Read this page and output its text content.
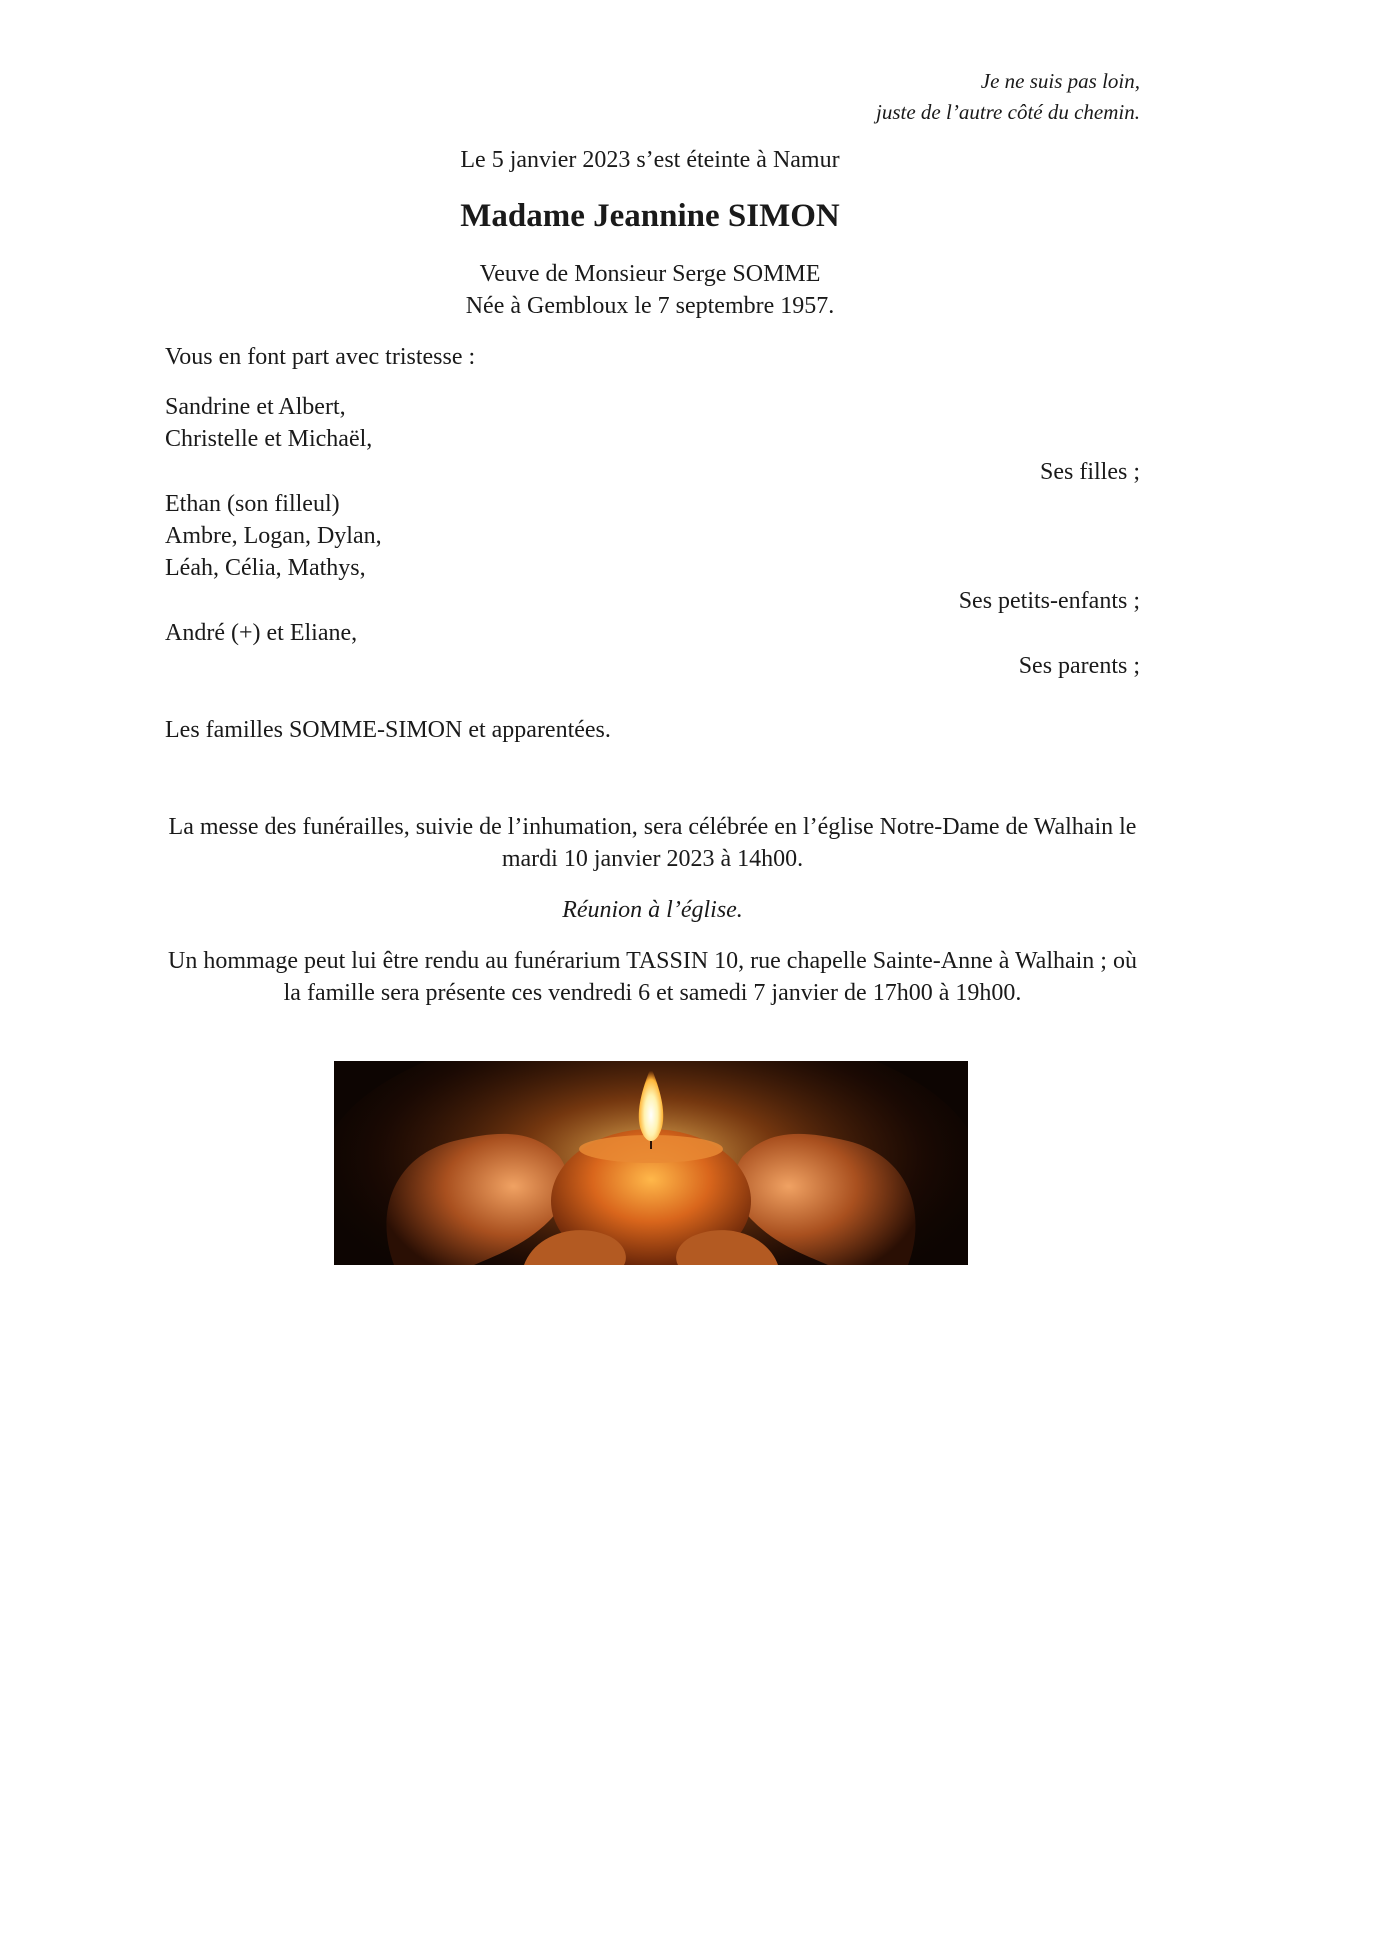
Je ne suis pas loin,
juste de l’autre côté du chemin.
Le 5 janvier 2023 s’est éteinte à Namur
Madame Jeannine SIMON
Veuve de Monsieur Serge SOMME
Née à Gembloux le 7 septembre 1957.
Vous en font part avec tristesse :
Sandrine et Albert,
Christelle et Michaël,
Ses filles ;
Ethan (son filleul)
Ambre, Logan, Dylan,
Léah, Célia, Mathys,
Ses petits-enfants ;
André (+) et Eliane,
Ses parents ;
Les familles SOMME-SIMON et apparentées.
La messe des funérailles, suivie de l’inhumation, sera célébrée en l’église Notre-Dame de Walhain le mardi 10 janvier 2023 à 14h00.
Réunion à l’église.
Un hommage peut lui être rendu au funérarium TASSIN 10, rue chapelle Sainte-Anne à Walhain ; où la famille sera présente ces vendredi 6 et samedi 7 janvier de 17h00 à 19h00.
